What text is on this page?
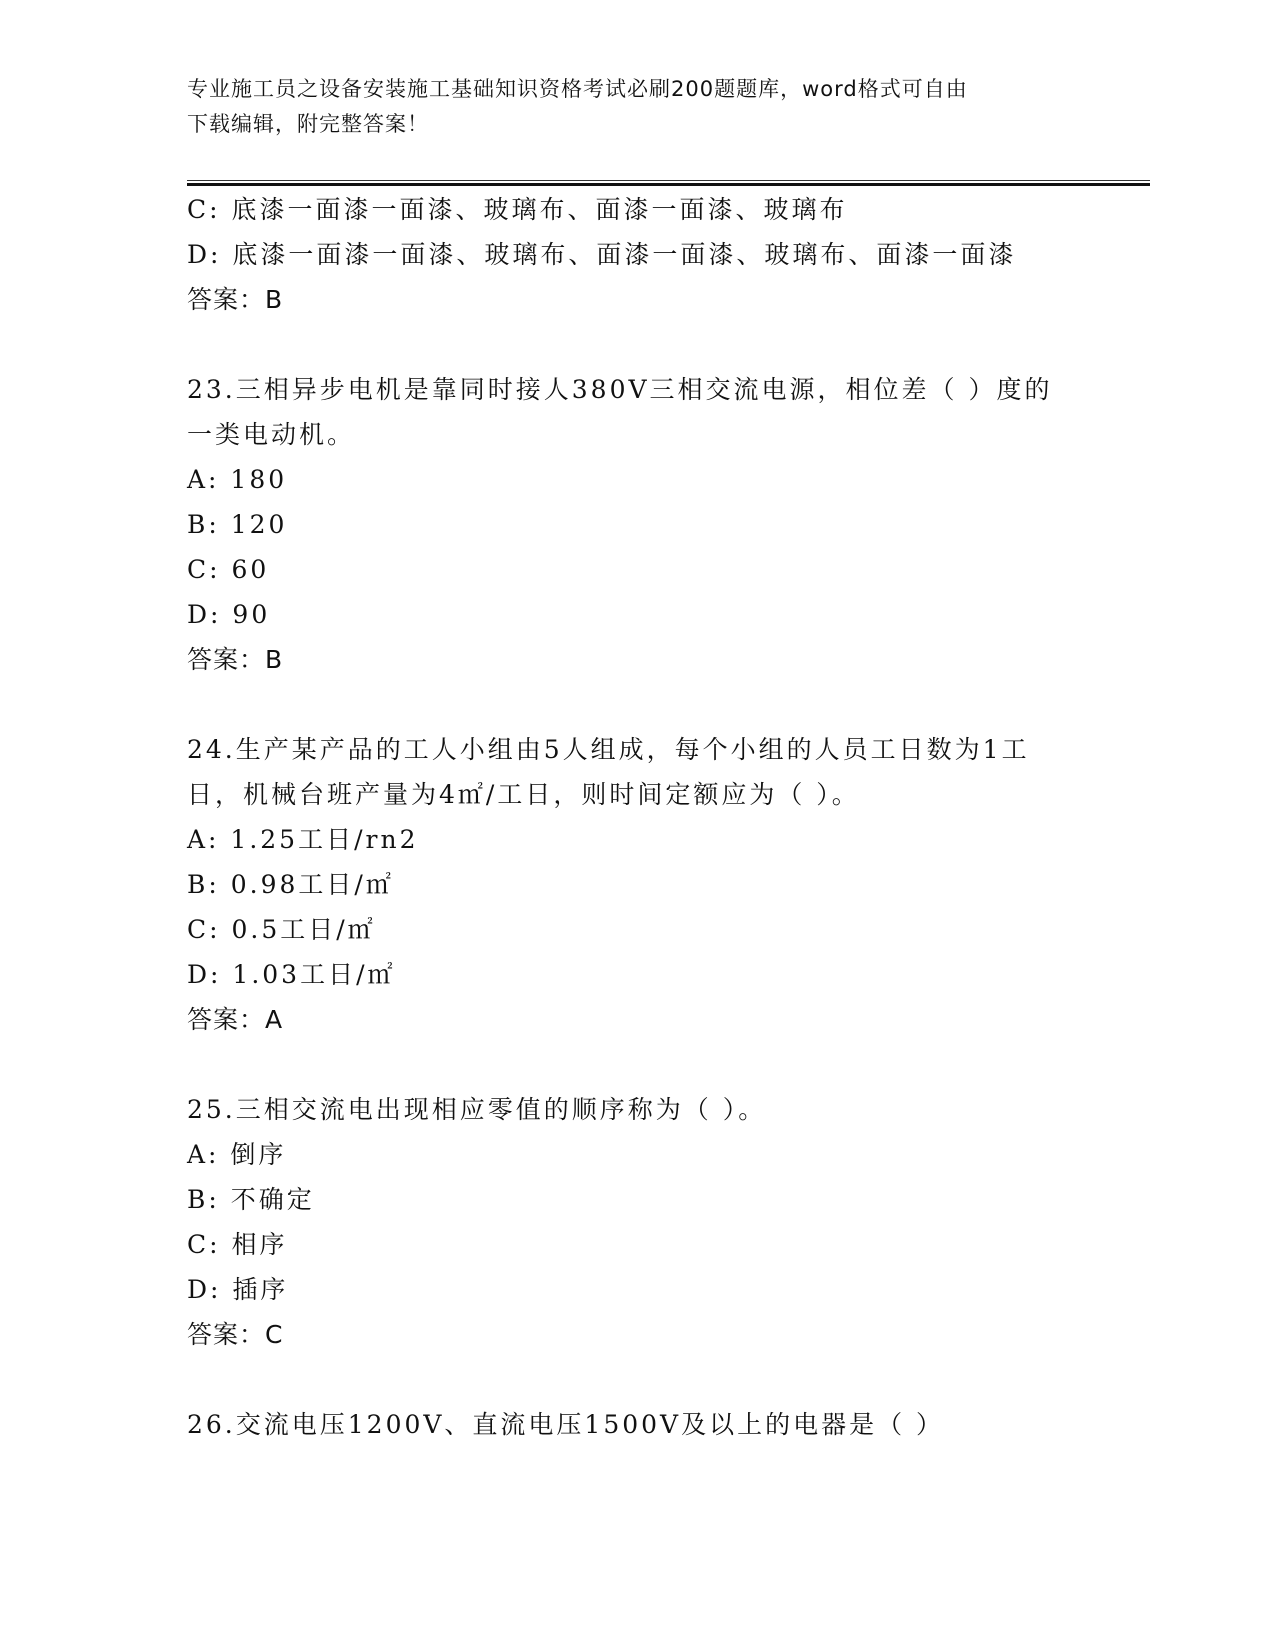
专业施工员之设备安装施工基础知识资格考试必刷200题题库，word格式可自由
下载编辑，附完整答案！
C: 底漆一面漆一面漆、玻璃布、面漆一面漆、玻璃布
D: 底漆一面漆一面漆、玻璃布、面漆一面漆、玻璃布、面漆一面漆
答案：B
23.三相异步电机是靠同时接人380V三相交流电源，相位差（ ）度的
一类电动机。
A: 180
B: 120
C: 60
D: 90
答案：B
24.生产某产品的工人小组由5人组成，每个小组的人员工日数为1工
日，机械台班产量为4㎡/工日，则时间定额应为（ ）。
A: 1.25工日/rn2
B: 0.98工日/㎡
C: 0.5工日/㎡
D: 1.03工日/㎡
答案：A
25.三相交流电出现相应零值的顺序称为（ ）。
A: 倒序
B: 不确定
C: 相序
D: 插序
答案：C
26.交流电压1200V、直流电压1500V及以上的电器是（ ）
